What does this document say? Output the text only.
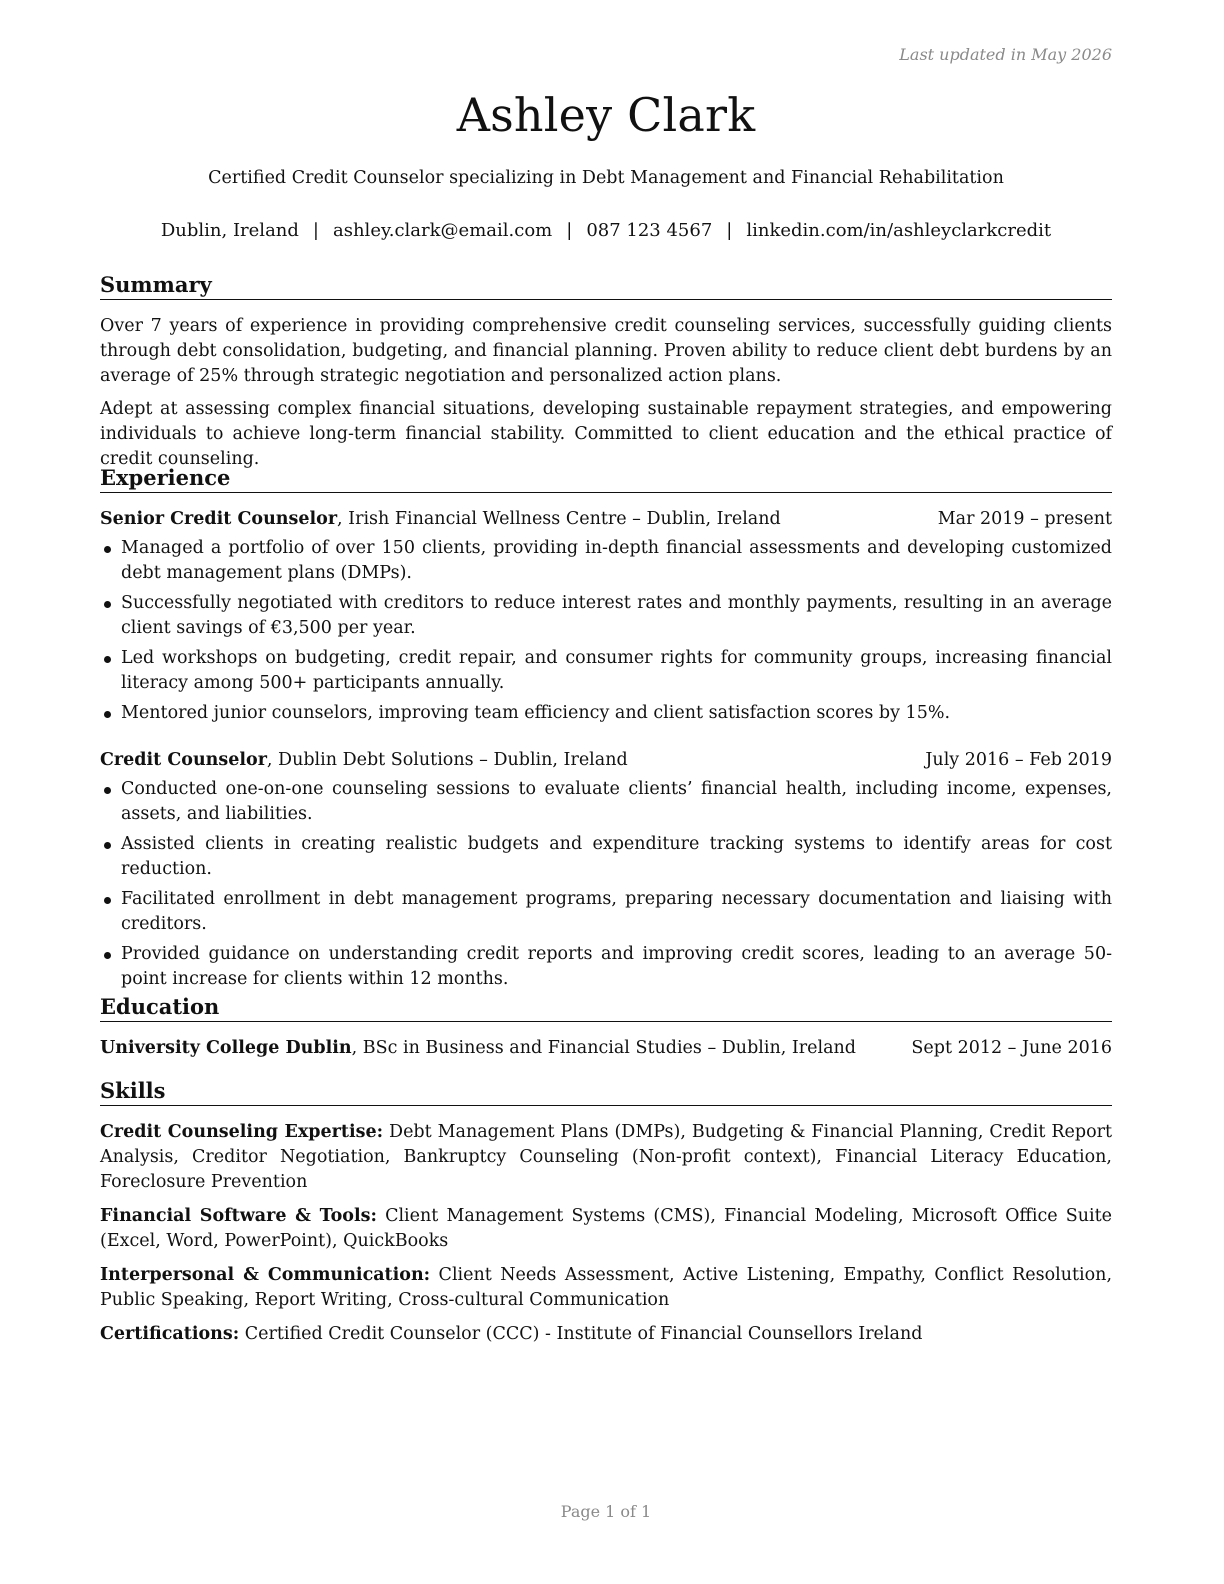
Last updated in May 2026
Ashley Clark
Certified Credit Counselor specializing in Debt Management and Financial Rehabilitation
Dublin, Ireland | ashley.clark@email.com | 087 123 4567 | linkedin.com/in/ashleyclarkcredit
Summary

Over 7 years of experience in providing comprehensive credit counseling services, successfully guiding clients through debt consolidation, budgeting, and financial planning. Proven ability to reduce client debt burdens by an average of 25% through strategic negotiation and personalized action plans.

Adept at assessing complex financial situations, developing sustainable repayment strategies, and empowering individuals to achieve long-term financial stability. Committed to client education and the ethical practice of credit counseling.

Experience
Senior Credit Counselor, Irish Financial Wellness Centre – Dublin, Ireland	Mar 2019 – present
Managed a portfolio of over 150 clients, providing in-depth financial assessments and developing customized debt management plans (DMPs).
Successfully negotiated with creditors to reduce interest rates and monthly payments, resulting in an average client savings of €3,500 per year.
Led workshops on budgeting, credit repair, and consumer rights for community groups, increasing financial literacy among 500+ participants annually.
Mentored junior counselors, improving team efficiency and client satisfaction scores by 15%.
Credit Counselor, Dublin Debt Solutions – Dublin, Ireland	July 2016 – Feb 2019
Conducted one-on-one counseling sessions to evaluate clients’ financial health, including income, expenses, assets, and liabilities.
Assisted clients in creating realistic budgets and expenditure tracking systems to identify areas for cost reduction.
Facilitated enrollment in debt management programs, preparing necessary documentation and liaising with creditors.
Provided guidance on understanding credit reports and improving credit scores, leading to an average 50-point increase for clients within 12 months.
Education
University College Dublin, BSc in Business and Financial Studies – Dublin, Ireland	Sept 2012 – June 2016
Skills

Credit Counseling Expertise: Debt Management Plans (DMPs), Budgeting & Financial Planning, Credit Report Analysis, Creditor Negotiation, Bankruptcy Counseling (Non-profit context), Financial Literacy Education, Foreclosure Prevention

Financial Software & Tools: Client Management Systems (CMS), Financial Modeling, Microsoft Office Suite (Excel, Word, PowerPoint), QuickBooks

Interpersonal & Communication: Client Needs Assessment, Active Listening, Empathy, Conflict Resolution, Public Speaking, Report Writing, Cross-cultural Communication

Certifications: Certified Credit Counselor (CCC) - Institute of Financial Counsellors Ireland

Page 1 of 1
